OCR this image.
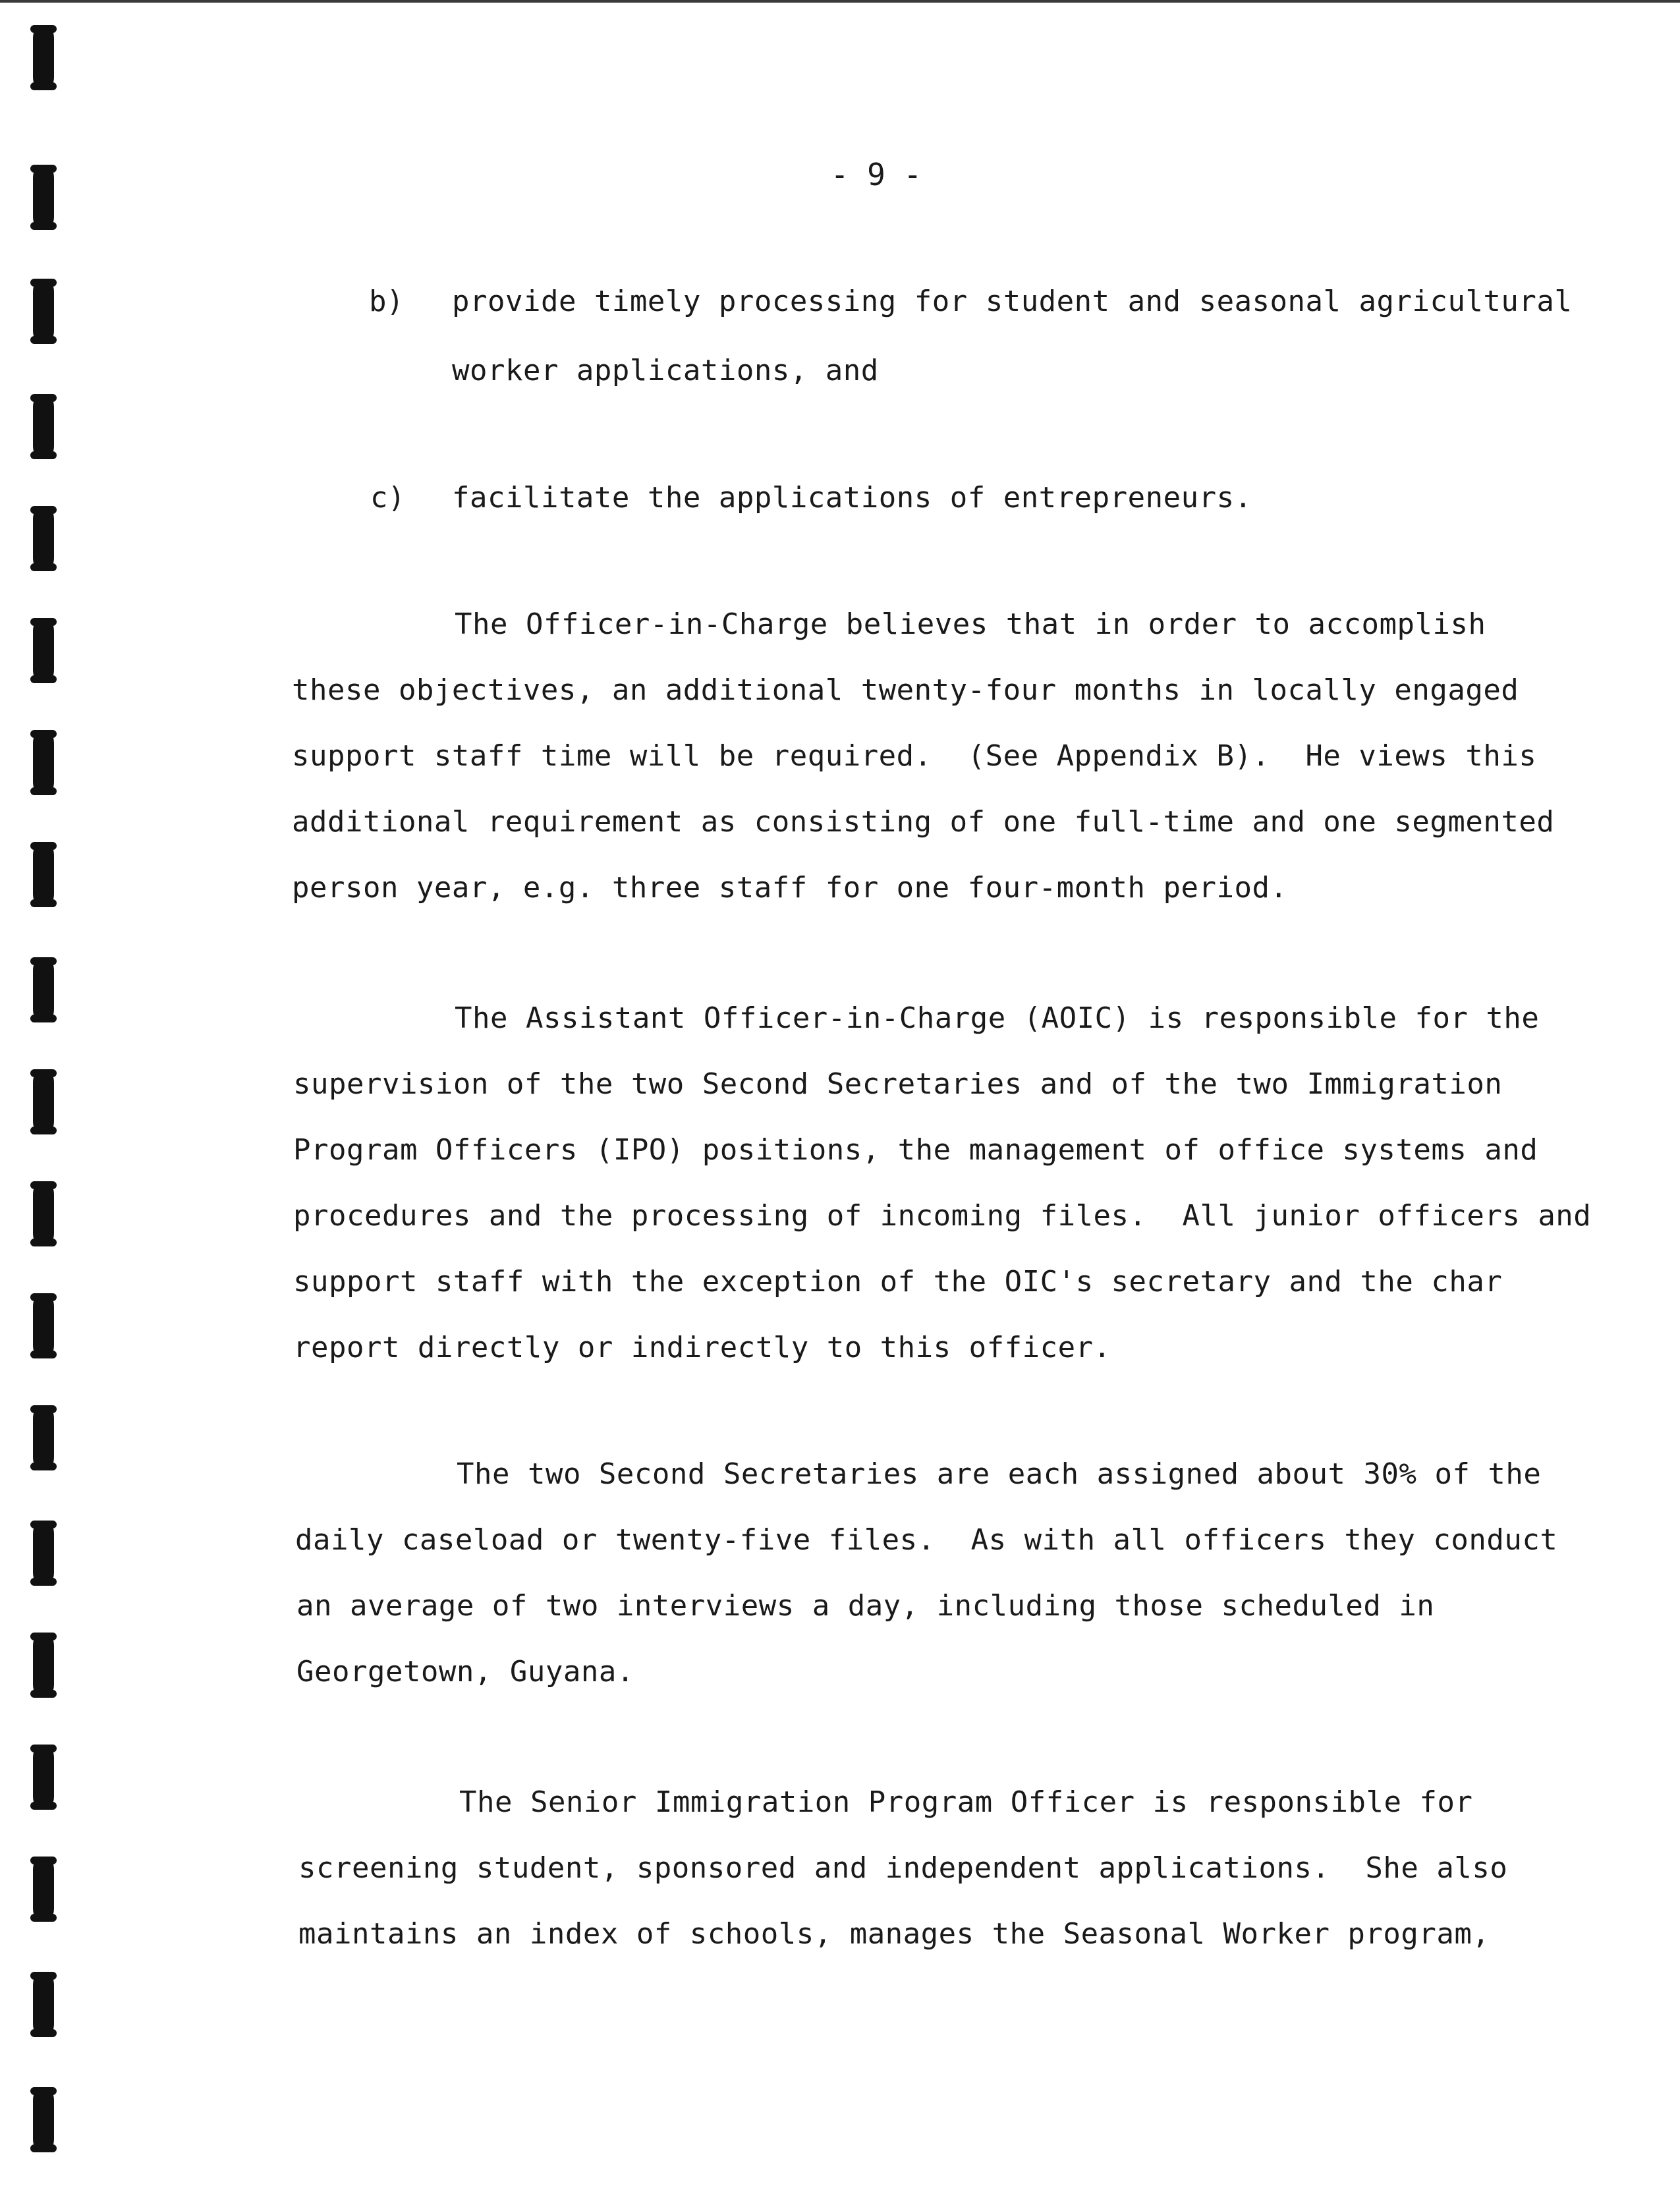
- 9 -
b) provide timely processing for student and seasonal agricultural
worker applications, and
c) facilitate the applications of entrepreneurs.
The Officer-in-Charge believes that in order to accomplish
these objectives, an additional twenty-four months in locally engaged
support staff time will be required.  (See Appendix B).  He views this
additional requirement as consisting of one full-time and one segmented
person year, e.g. three staff for one four-month period.
The Assistant Officer-in-Charge (AOIC) is responsible for the
supervision of the two Second Secretaries and of the two Immigration
Program Officers (IPO) positions, the management of office systems and
procedures and the processing of incoming files.  All junior officers and
support staff with the exception of the OIC's secretary and the char
report directly or indirectly to this officer.
The two Second Secretaries are each assigned about 30% of the
daily caseload or twenty-five files.  As with all officers they conduct
an average of two interviews a day, including those scheduled in
Georgetown, Guyana.
The Senior Immigration Program Officer is responsible for
screening student, sponsored and independent applications.  She also
maintains an index of schools, manages the Seasonal Worker program,
